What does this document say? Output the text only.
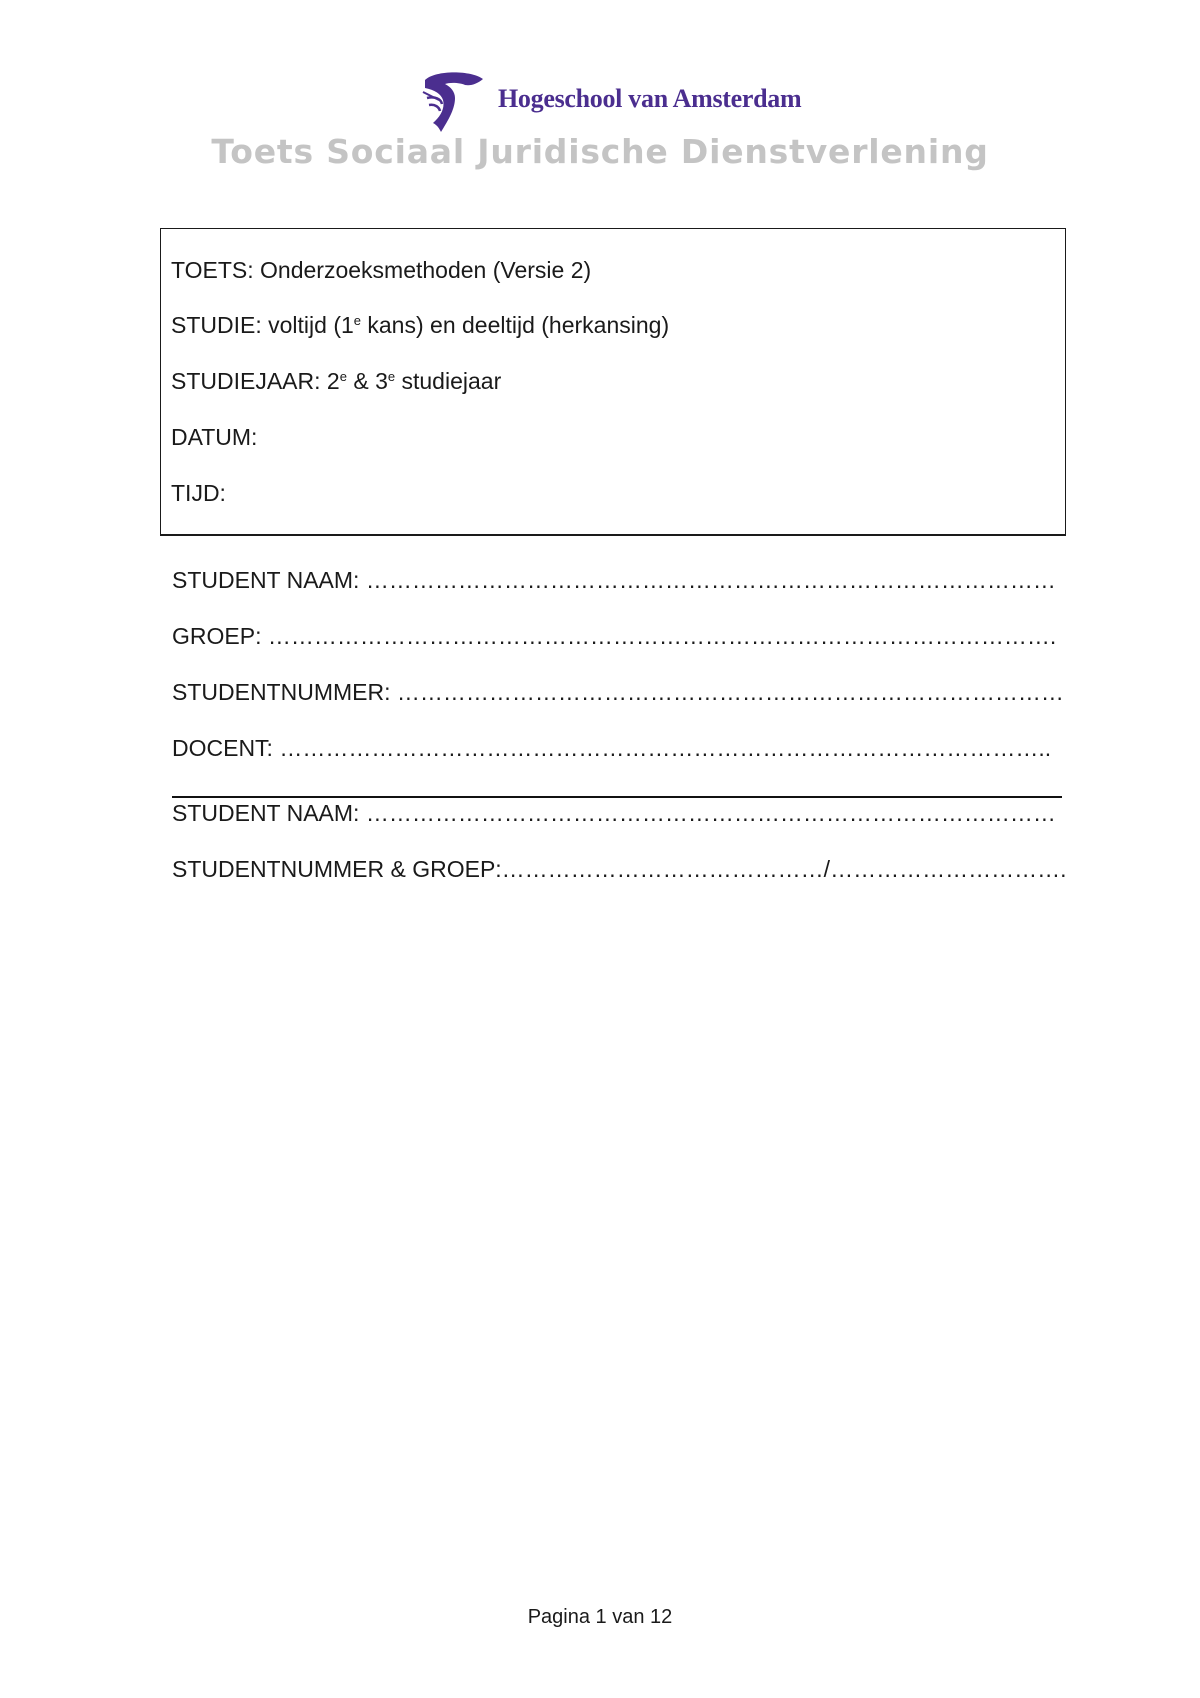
Hogeschool van Amsterdam
Toets Sociaal Juridische Dienstverlening
TOETS: Onderzoeksmethoden (Versie 2)
STUDIE: voltijd (1e kans) en deeltijd (herkansing)
STUDIEJAAR: 2e & 3e studiejaar
DATUM:
TIJD:
STUDENT NAAM: ………………………………………………………………………………
GROEP: ………………………………………………………………………………………….
STUDENTNUMMER: ……………………………………………………………………………
DOCENT: ………………………………………………………………………………………..
STUDENT NAAM: ………………………………………………………………………………
STUDENTNUMMER & GROEP:……………………………………/………………………….
Pagina 1 van 12
